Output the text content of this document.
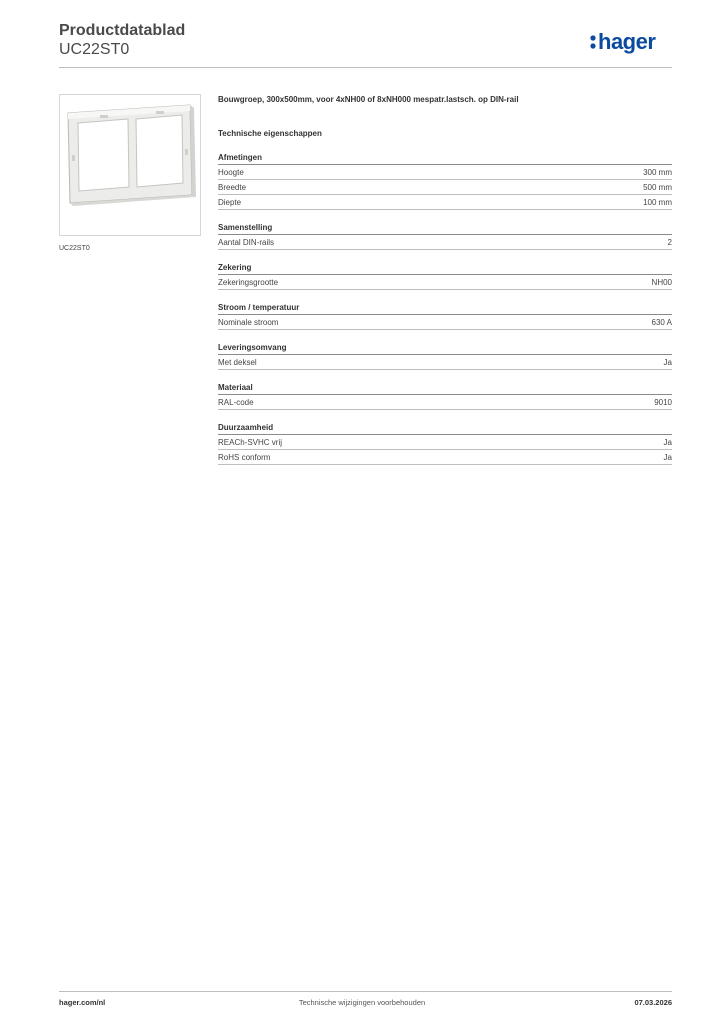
Productdatablad
UC22ST0	hager
UC22ST0
Bouwgroep, 300x500mm, voor 4xNH00 of 8xNH000 mespatr.lastsch. op DIN-rail
Technische eigenschappen
Afmetingen
Hoogte	300 mm
Breedte	500 mm
Diepte	100 mm
Samenstelling
Aantal DIN-rails	2
Zekering
Zekeringsgrootte	NH00
Stroom / temperatuur
Nominale stroom	630 A
Leveringsomvang
Met deksel	Ja
Materiaal
RAL-code	9010
Duurzaamheid
REACh-SVHC vrij	Ja
RoHS conform	Ja
hager.com/nl	Technische wijzigingen voorbehouden	07.03.2026
